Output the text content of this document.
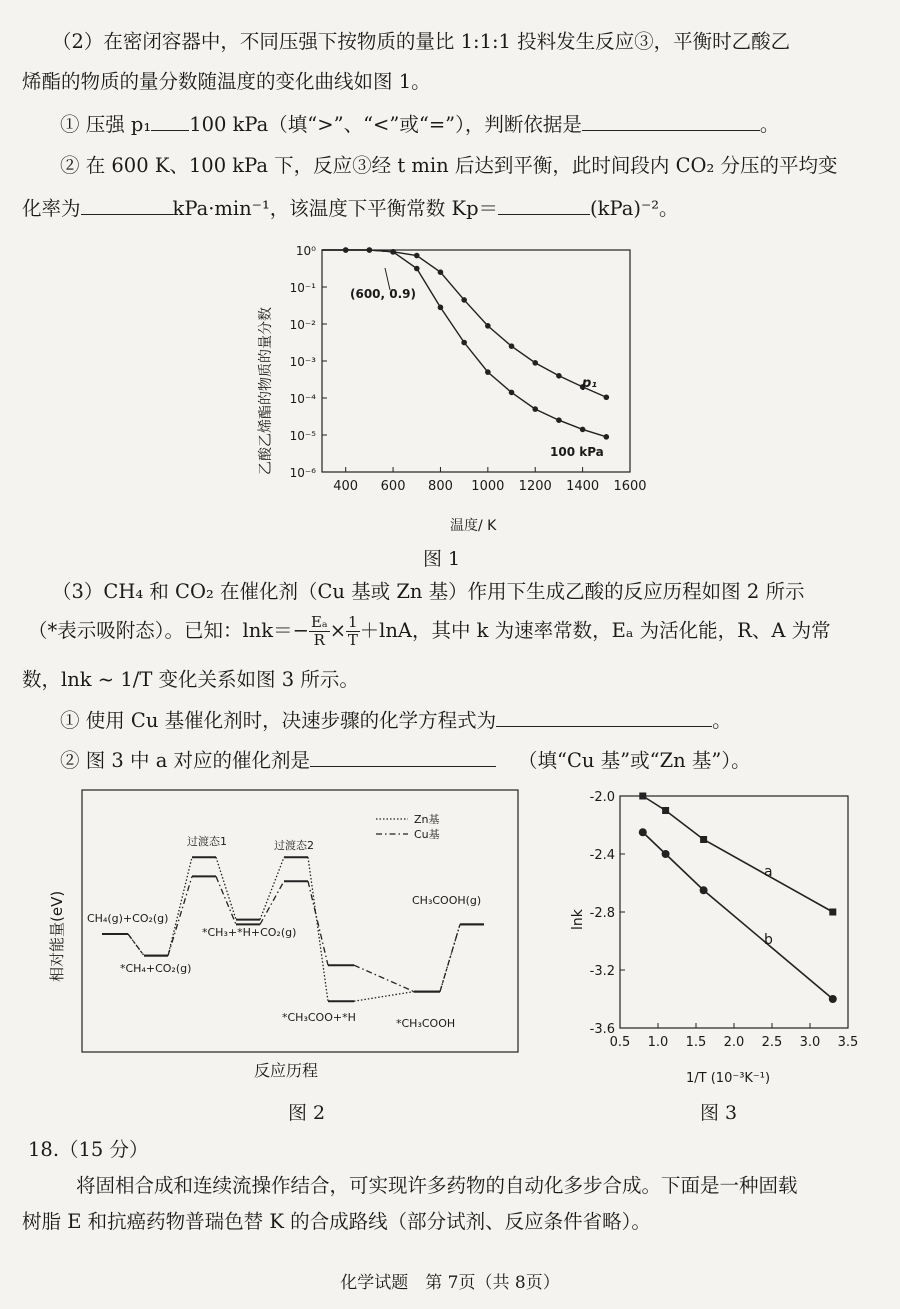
（2）在密闭容器中，不同压强下按物质的量比 1:1:1 投料发生反应③，平衡时乙酸乙
烯酯的物质的量分数随温度的变化曲线如图 1。
① 压强 p₁ 100 kPa（填“>”、“<”或“=”），判断依据是	。
② 在 600 K、100 kPa 下，反应③经 t min 后达到平衡，此时间段内 CO₂ 分压的平均变
化率为	kPa·min⁻¹，该温度下平衡常数 Kp＝	(kPa)⁻²。
400 600 800 1000 1200 1400 1600
10⁰
10⁻¹
10⁻²
10⁻³
10⁻⁴
10⁻⁵
10⁻⁶
(600, 0.9)
p₁
100 kPa
乙酸乙烯酯的物质的量分数
温度/ K
图 1
（3）CH₄ 和 CO₂ 在催化剂（Cu 基或 Zn 基）作用下生成乙酸的反应历程如图 2 所示
（*表示吸附态）。已知：$\ln k=- \frac{\text{Eₐ}}{R} \times \frac{1}{T} +\ln A$，其中 k 为速率常数，Eₐ 为活化能，R、A 为常
数，lnk ~ 1/T 变化关系如图 3 所示。
① 使用 Cu 基催化剂时，决速步骤的化学方程式为	。
② 图 3 中 a 对应的催化剂是	（填“Cu 基”或“Zn 基”）。
Zn基
Cu基
CH₄(g)+CO₂(g)
*CH₄+CO₂(g)
过渡态1
*CH₃+*H+CO₂(g)
过渡态2
*CH₃COO+*H	*CH₃COOH
CH₃COOH(g)
相对能量(eV)
反应历程
图 2
0.5 1.0 1.5 2.0 2.5 3.0 3.5
-2.0
-2.4
-2.8
-3.2
-3.6
a
b
lnk
1/T (10⁻³K⁻¹)
图 3
18.（15 分）
将固相合成和连续流操作结合，可实现许多药物的自动化多步合成。下面是一种固载
树脂 E 和抗癌药物普瑞色替 K 的合成路线（部分试剂、反应条件省略）。
化学试题　第 7页（共 8页）
